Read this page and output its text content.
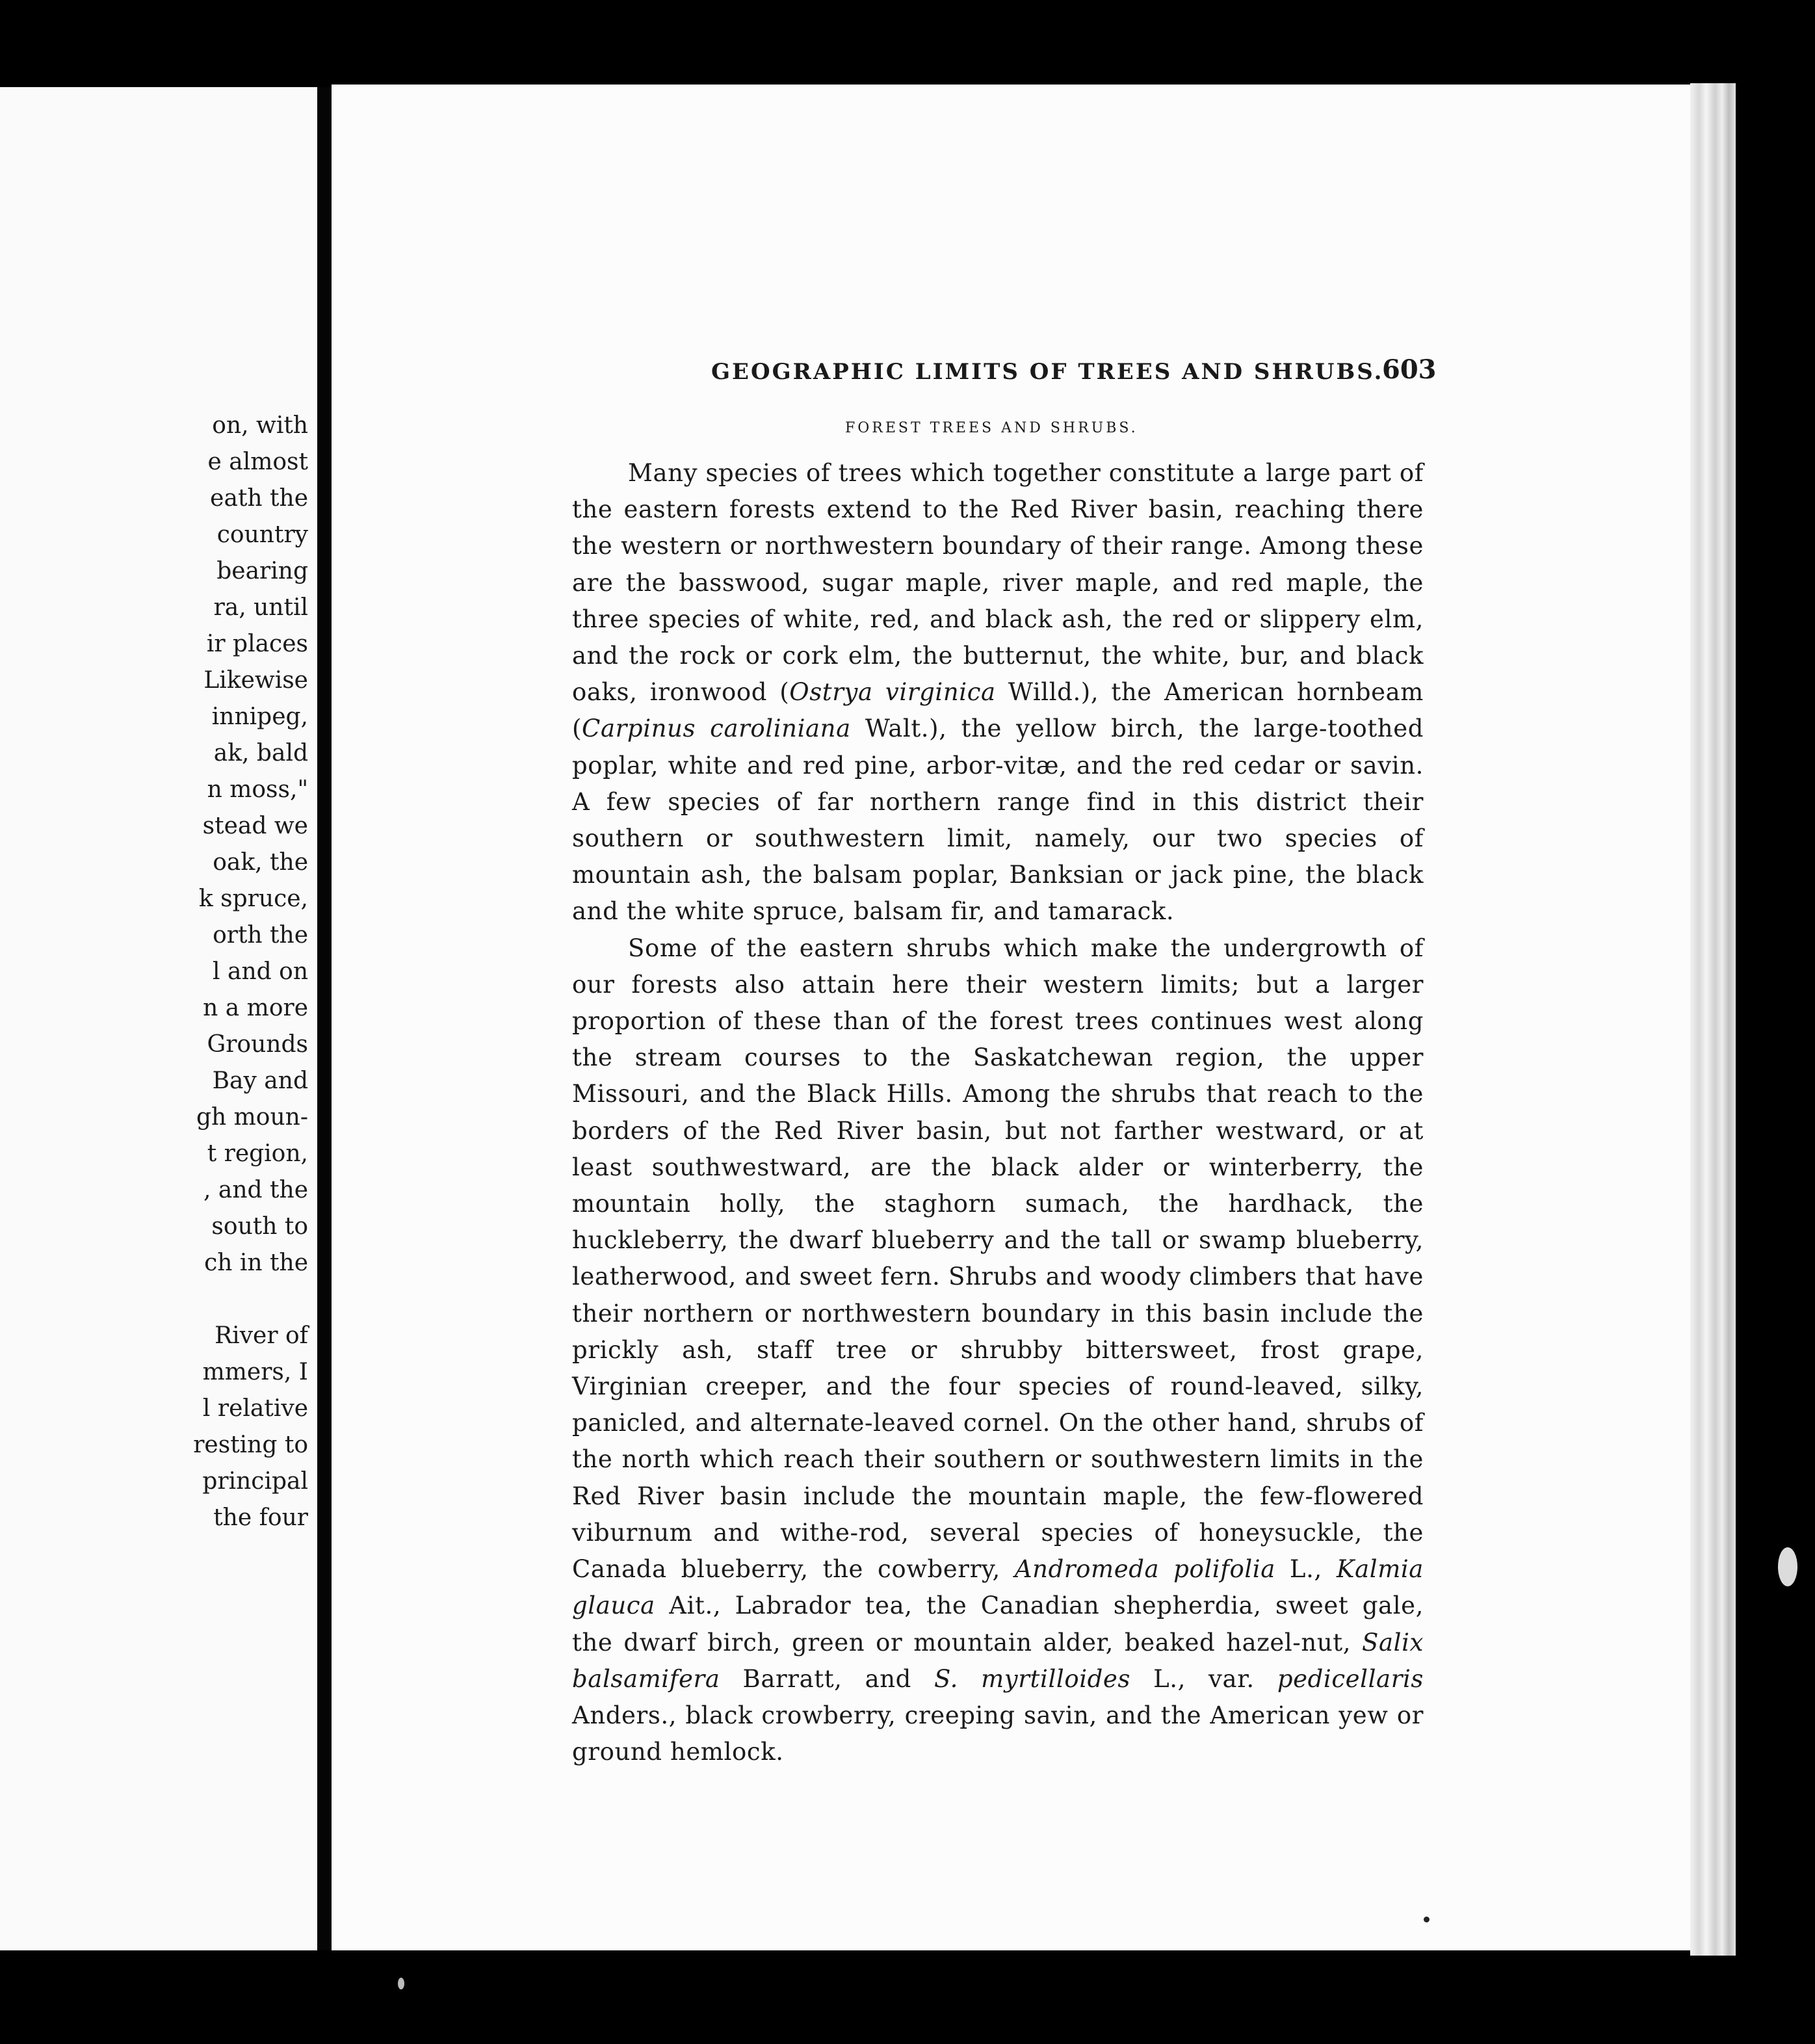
on, with
e almost
eath the
country
bearing
ra, until
ir places
Likewise
innipeg,
ak, bald
n moss,"
stead we
oak, the
k spruce,
orth the
l and on
n a more
Grounds
Bay and
gh moun-
t region,
, and the
south to
ch in the
River of
mmers, I
l relative
resting to
principal
the four
GEOGRAPHIC LIMITS OF TREES AND SHRUBS.
603
FOREST TREES AND SHRUBS.

Many species of trees which together constitute a large part of the eastern forests extend to the Red River basin, reaching there the western or northwestern boundary of their range. Among these are the basswood, sugar maple, river maple, and red maple, the three species of white, red, and black ash, the red or slippery elm, and the rock or cork elm, the butternut, the white, bur, and black oaks, ironwood (Ostrya virginica Willd.), the American hornbeam (Carpinus caroliniana Walt.), the yellow birch, the large-toothed poplar, white and red pine, arbor-vitæ, and the red cedar or savin. A few species of far northern range find in this district their southern or southwestern limit, namely, our two species of mountain ash, the balsam poplar, Banksian or jack pine, the black and the white spruce, balsam fir, and tamarack.

Some of the eastern shrubs which make the undergrowth of our forests also attain here their western limits; but a larger proportion of these than of the forest trees continues west along the stream courses to the Saskatchewan region, the upper Missouri, and the Black Hills. Among the shrubs that reach to the borders of the Red River basin, but not farther westward, or at least southwestward, are the black alder or winterberry, the mountain holly, the staghorn sumach, the hardhack, the huckleberry, the dwarf blueberry and the tall or swamp blueberry, leatherwood, and sweet fern. Shrubs and woody climbers that have their northern or northwestern boundary in this basin include the prickly ash, staff tree or shrubby bittersweet, frost grape, Virginian creeper, and the four species of round-leaved, silky, panicled, and alternate-leaved cornel. On the other hand, shrubs of the north which reach their southern or southwestern limits in the Red River basin include the mountain maple, the few-flowered viburnum and withe-rod, several species of honeysuckle, the Canada blueberry, the cowberry, Andromeda polifolia L., Kalmia glauca Ait., Labrador tea, the Canadian shepherdia, sweet gale, the dwarf birch, green or mountain alder, beaked hazel-nut, Salix balsamifera Barratt, and S. myrtilloides L., var. pedicellaris Anders., black crowberry, creeping savin, and the American yew or ground hemlock.
